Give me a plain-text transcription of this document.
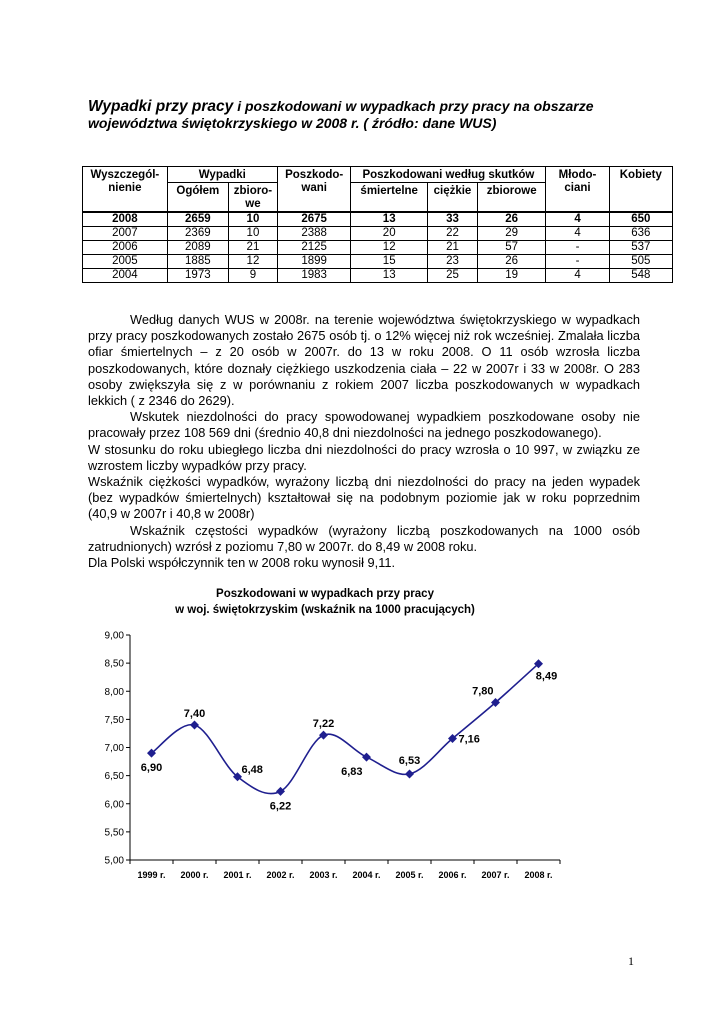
Wypadki przy pracy i poszkodowani w wypadkach przy pracy na obszarze
województwa świętokrzyskiego w 2008 r. ( źródło: dane WUS)
Wyszczegól-nienie	Wypadki		Poszkodo-wani	Poszkodowani według skutków			Młodo-ciani	Kobiety
	Ogółem	zbioro-we		śmiertelne	ciężkie	zbiorowe		
2008	2659	10	2675	13	33	26	4	650
2007	2369	10	2388	20	22	29	4	636
2006	2089	21	2125	12	21	57	-	537
2005	1885	12	1899	15	23	26	-	505
2004	1973	9	1983	13	25	19	4	548

Według danych WUS w 2008r. na terenie województwa świętokrzyskiego w wypadkach przy pracy poszkodowanych zostało 2675 osób tj. o 12% więcej niż rok wcześniej. Zmalała liczba ofiar śmiertelnych – z 20 osób w 2007r. do 13 w roku 2008. O 11 osób wzrosła liczba poszkodowanych, które doznały ciężkiego uszkodzenia ciała – 22 w 2007r i 33 w 2008r. O 283 osoby zwiększyła się z w porównaniu z rokiem 2007 liczba poszkodowanych w wypadkach lekkich ( z 2346 do 2629).

Wskutek niezdolności do pracy spowodowanej wypadkiem poszkodowane osoby nie pracowały przez 108 569 dni (średnio 40,8 dni niezdolności na jednego poszkodowanego).

W stosunku do roku ubiegłego liczba dni niezdolności do pracy wzrosła o 10 997, w związku ze wzrostem liczby wypadków przy pracy.

Wskaźnik ciężkości wypadków, wyrażony liczbą dni niezdolności do pracy na jeden wypadek (bez wypadków śmiertelnych) kształtował się na podobnym poziomie jak w roku poprzednim (40,9 w 2007r i 40,8 w 2008r)

Wskaźnik częstości wypadków (wyrażony liczbą poszkodowanych na 1000 osób zatrudnionych) wzrósł z poziomu 7,80 w 2007r. do 8,49 w 2008 roku.

Dla Polski współczynnik ten w 2008 roku wynosił 9,11.

Poszkodowani w wypadkach przy pracy
w woj. świętokrzyskim (wskaźnik na 1000 pracujących)
5,00
5,50
6,00
6,50
7,00
7,50
8,00
8,50
9,00
1999 r. 2000 r. 2001 r. 2002 r. 2003 r. 2004 r. 2005 r. 2006 r. 2007 r. 2008 r.
6,90
7,40
6,48
6,22
7,22
6,83
6,53
7,16
7,80
8,49
1
